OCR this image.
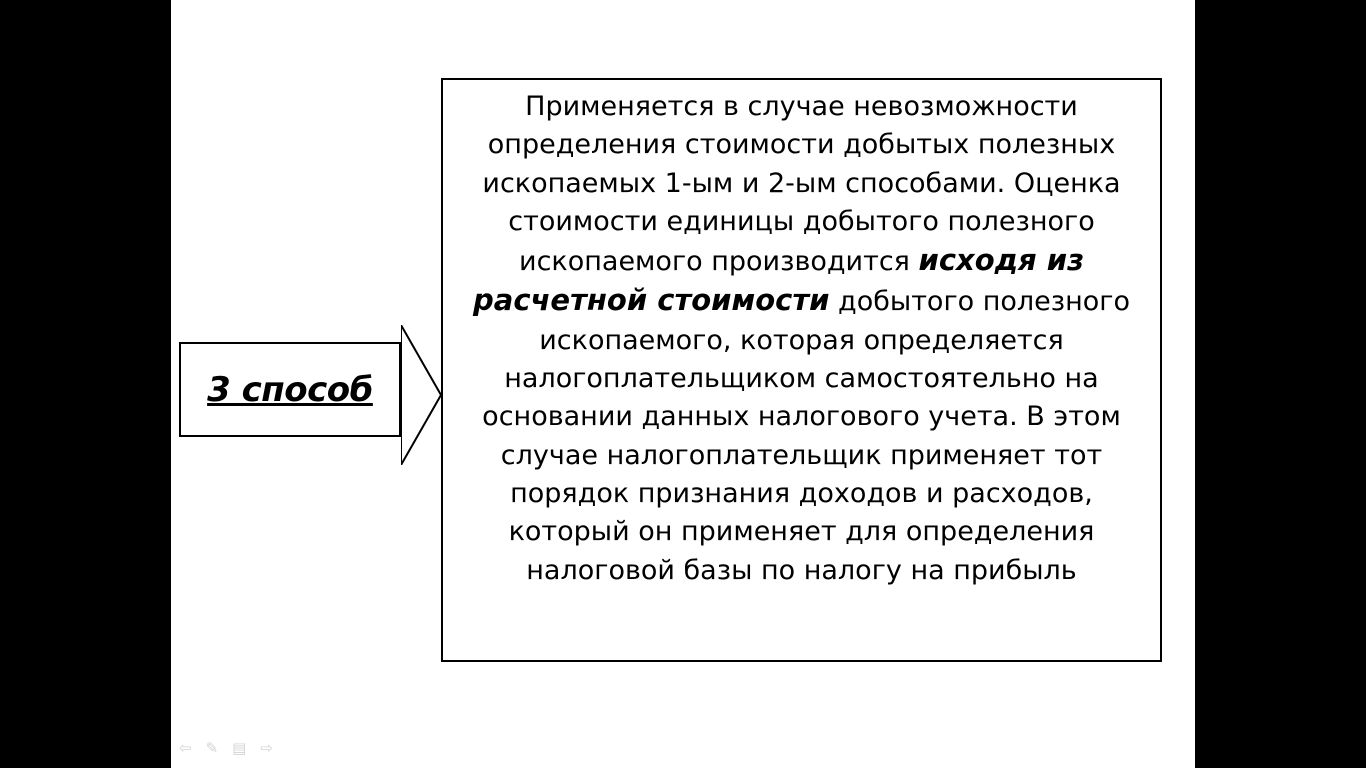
3 способ
Применяется в случае невозможности определения стоимости добытых полезных ископаемых 1-ым и 2-ым способами. Оценка стоимости единицы добытого полезного ископаемого производится исходя из расчетной стоимости добытого полезного ископаемого, которая определяется налогоплательщиком самостоятельно на основании данных налогового учета. В этом случае налогоплательщик применяет тот порядок признания доходов и расходов, который он применяет для определения налоговой базы по налогу на прибыль
⇦ ✎ ▤ ⇨
